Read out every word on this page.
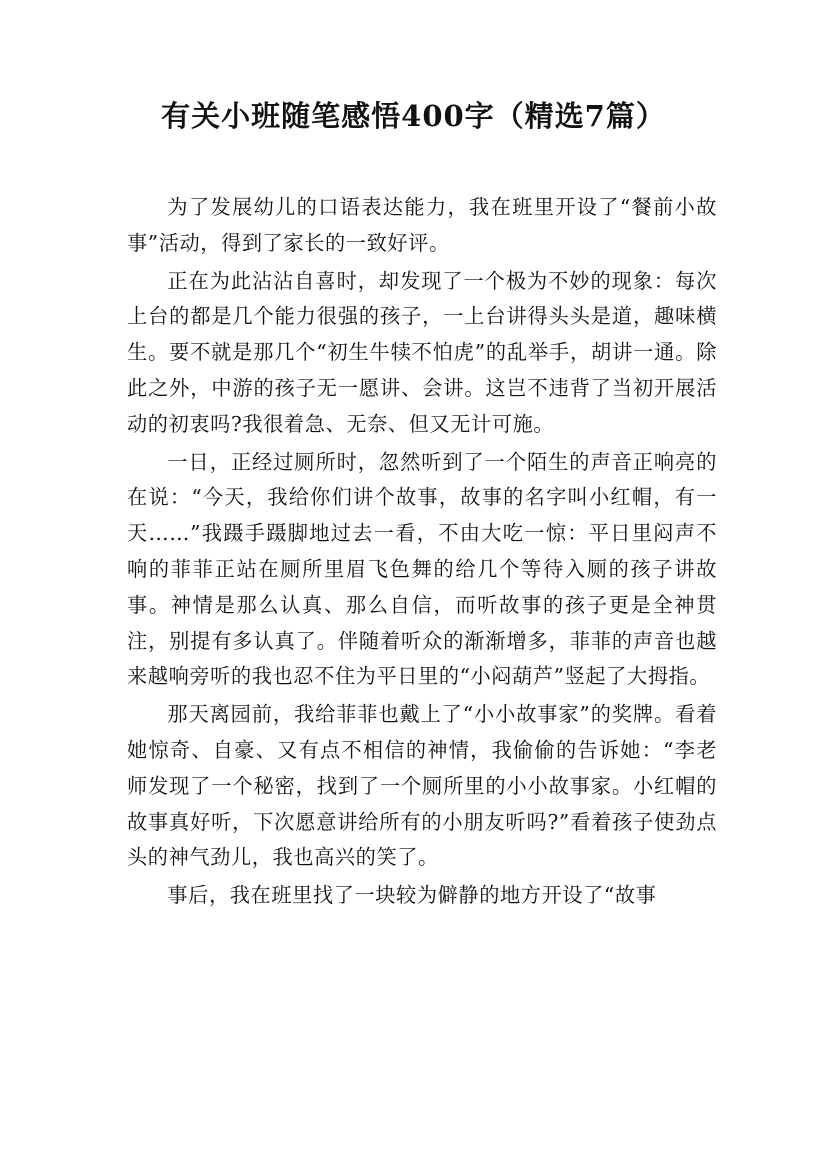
有关小班随笔感悟400字（精选7篇）

为了发展幼儿的口语表达能力，我在班里开设了“餐前小故事”活动，得到了家长的一致好评。

正在为此沾沾自喜时，却发现了一个极为不妙的现象：每次上台的都是几个能力很强的孩子，一上台讲得头头是道，趣味横生。要不就是那几个“初生牛犊不怕虎”的乱举手，胡讲一通。除此之外，中游的孩子无一愿讲、会讲。这岂不违背了当初开展活动的初衷吗?我很着急、无奈、但又无计可施。

一日，正经过厕所时，忽然听到了一个陌生的声音正响亮的在说：“今天，我给你们讲个故事，故事的名字叫小红帽，有一天……”我蹑手蹑脚地过去一看，不由大吃一惊：平日里闷声不响的菲菲正站在厕所里眉飞色舞的给几个等待入厕的孩子讲故事。神情是那么认真、那么自信，而听故事的孩子更是全神贯注，别提有多认真了。伴随着听众的渐渐增多，菲菲的声音也越来越响旁听的我也忍不住为平日里的“小闷葫芦”竖起了大拇指。

那天离园前，我给菲菲也戴上了“小小故事家”的奖牌。看着她惊奇、自豪、又有点不相信的神情，我偷偷的告诉她：“李老师发现了一个秘密，找到了一个厕所里的小小故事家。小红帽的故事真好听，下次愿意讲给所有的小朋友听吗?”看着孩子使劲点头的神气劲儿，我也高兴的笑了。

事后，我在班里找了一块较为僻静的地方开设了“故事
